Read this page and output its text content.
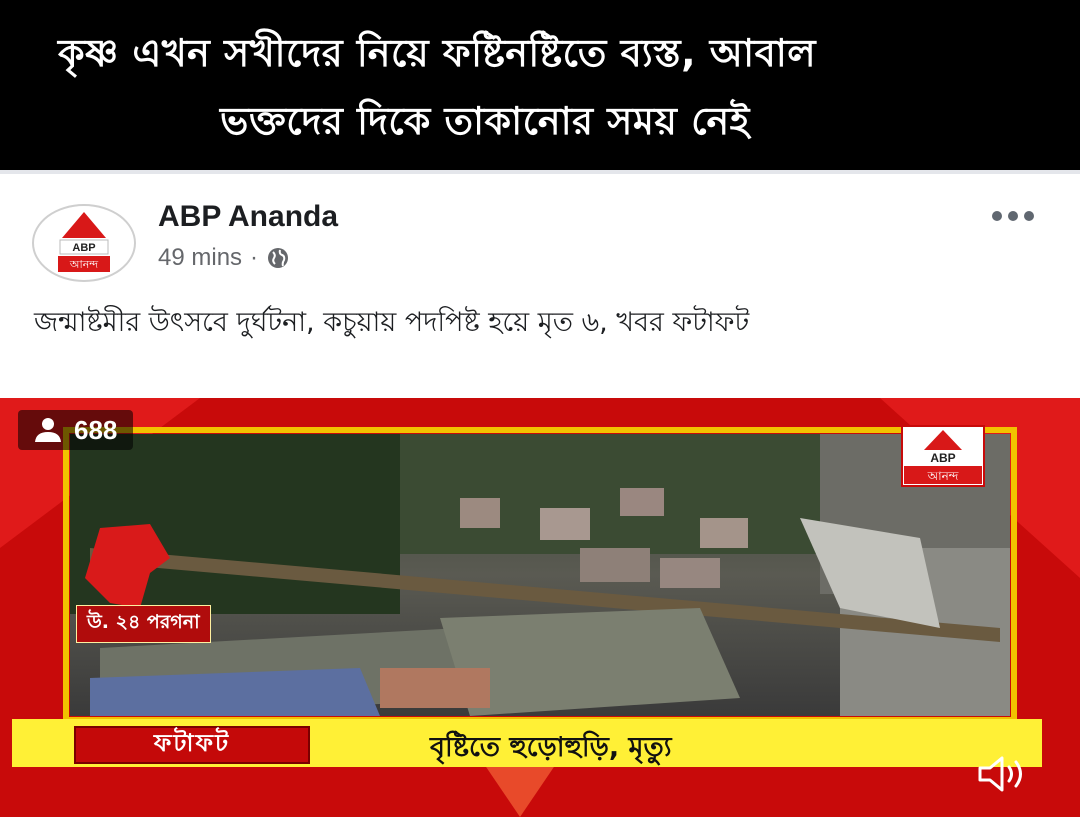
কৃষ্ণ এখন সখীদের নিয়ে ফষ্টিনষ্টিতে ব্যস্ত, আবাল
ভক্তদের দিকে তাকানোর সময় নেই
ABP
আনন্দ
ABP Ananda
49 mins ·
জন্মাষ্টমীর উৎসবে দুর্ঘটনা, কচুয়ায় পদপিষ্ট হয়ে মৃত ৬, খবর ফটাফট
ABP
আনন্দ
688
উ. ২৪ পরগনা
ফটাফট	বৃষ্টিতে হুড়োহুড়ি, মৃত্যু
